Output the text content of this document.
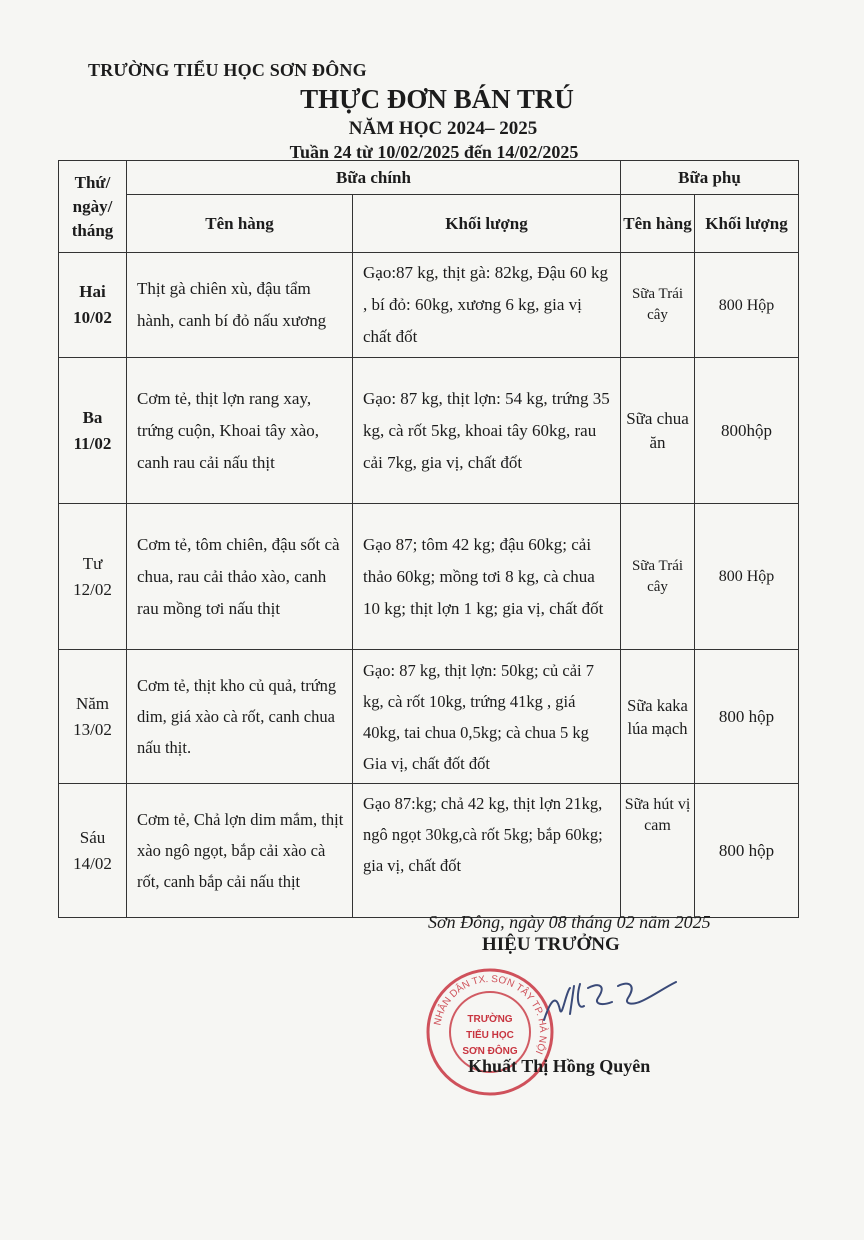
TRƯỜNG TIỂU HỌC SƠN ĐÔNG
THỰC ĐƠN BÁN TRÚ
NĂM HỌC 2024– 2025
Tuần 24 từ 10/02/2025 đến 14/02/2025
Thứ/ ngày/ tháng	Bữa chính		Bữa phụ	
	Tên hàng	Khối lượng	Tên hàng	Khối lượng

Hai
10/02	Thịt gà chiên xù, đậu tẩm hành, canh bí đỏ nấu xương	Gạo:87 kg, thịt gà: 82kg, Đậu 60 kg , bí đỏ: 60kg, xương 6 kg, gia vị chất đốt	Sữa Trái cây	800 Hộp

Ba
11/02	Cơm tẻ, thịt lợn rang xay, trứng cuộn, Khoai tây xào, canh rau cải nấu thịt	Gạo: 87 kg, thịt lợn: 54 kg, trứng 35 kg, cà rốt 5kg, khoai tây 60kg, rau cải 7kg, gia vị, chất đốt	Sữa chua ăn	800hộp

Tư
12/02	Cơm tẻ, tôm chiên, đậu sốt cà chua, rau cải thảo xào, canh rau mồng tơi nấu thịt	Gạo 87; tôm 42 kg; đậu 60kg; cải thảo 60kg; mồng tơi 8 kg, cà chua 10 kg; thịt lợn 1 kg; gia vị, chất đốt	Sữa Trái cây	800 Hộp

Năm
13/02	Cơm tẻ, thịt kho củ quả, trứng dim, giá xào cà rốt, canh chua nấu thịt.	Gạo: 87 kg, thịt lợn: 50kg; củ cải 7 kg, cà rốt 10kg, trứng 41kg , giá 40kg, tai chua 0,5kg; cà chua 5 kg Gia vị, chất đốt đốt	Sữa kaka lúa mạch	800 hộp

Sáu
14/02	Cơm tẻ, Chả lợn dim mắm, thịt xào ngô ngọt, bắp cải xào cà rốt, canh bắp cải nấu thịt	Gạo 87:kg; chả 42 kg, thịt lợn 21kg, ngô ngọt 30kg,cà rốt 5kg; bắp 60kg; gia vị, chất đốt	Sữa hút vị cam	800 hộp
Sơn Đông, ngày 08 tháng 02 năm 2025
HIỆU TRƯỞNG
NHÂN DÂN TX. SƠN TÂY TP. HÀ NỘI
TRƯỜNG
TIỂU HỌC
SƠN ĐÔNG
Khuất Thị Hồng Quyên
